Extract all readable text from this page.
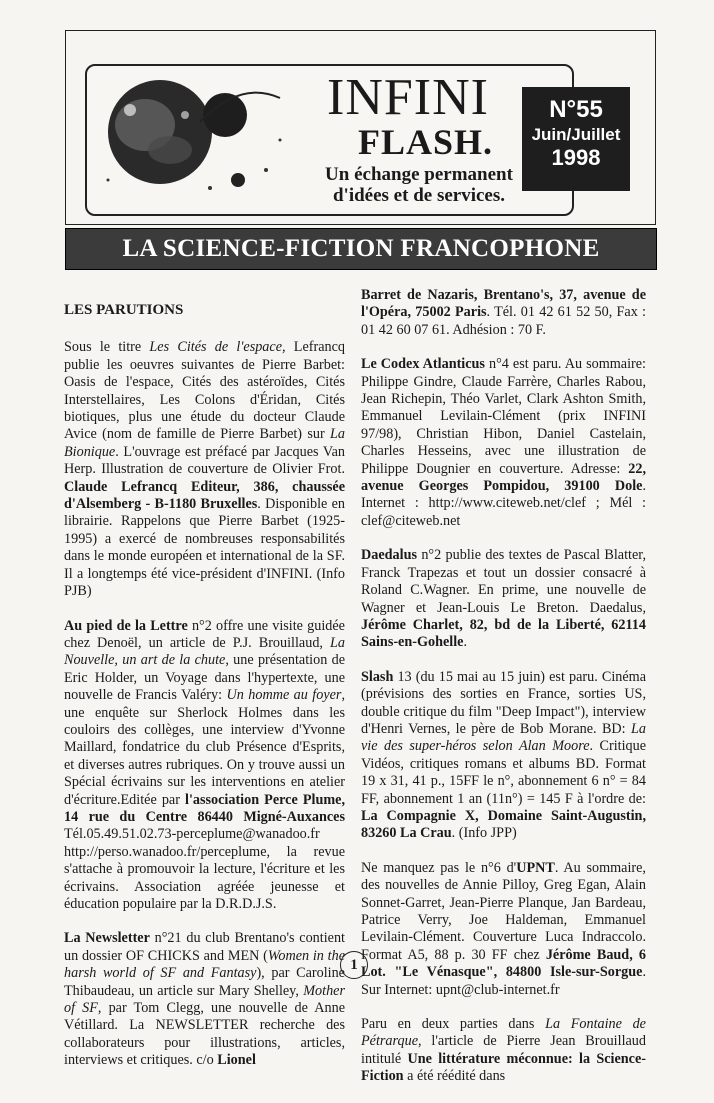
INFINI
FLASH.
Un échange permanent
d'idées et de services.
N°55
Juin/Juillet
1998
LA SCIENCE-FICTION FRANCOPHONE
LES PARUTIONS

Sous le titre Les Cités de l'espace, Lefrancq publie les oeuvres suivantes de Pierre Barbet: Oasis de l'espace, Cités des astéroïdes, Cités Interstellaires, Les Colons d'Éridan, Cités biotiques, plus une étude du docteur Claude Avice (nom de famille de Pierre Barbet) sur La Bionique. L'ouvrage est préfacé par Jacques Van Herp. Illustration de couverture de Olivier Frot. Claude Lefrancq Editeur, 386, chaussée d'Alsemberg - B-1180 Bruxelles. Disponible en librairie. Rappelons que Pierre Barbet (1925-1995) a exercé de nombreuses responsabilités dans le monde européen et international de la SF. Il a longtemps été vice-président d'INFINI. (Info PJB)

Au pied de la Lettre n°2 offre une visite guidée chez Denoël, un article de P.J. Brouillaud, La Nouvelle, un art de la chute, une présentation de Eric Holder, un Voyage dans l'hypertexte, une nouvelle de Francis Valéry: Un homme au foyer, une enquête sur Sherlock Holmes dans les couloirs des collèges, une interview d'Yvonne Maillard, fondatrice du club Présence d'Esprits, et diverses autres rubriques. On y trouve aussi un Spécial écrivains sur les interventions en atelier d'écriture.Editée par l'association Perce Plume, 14 rue du Centre 86440 Migné-Auxances Tél.05.49.51.02.73-perceplume@wanadoo.fr http://perso.wanadoo.fr/perceplume, la revue s'attache à promouvoir la lecture, l'écriture et les écrivains. Association agréée jeunesse et éducation populaire par la D.R.D.J.S.

La Newsletter n°21 du club Brentano's contient un dossier OF CHICKS and MEN (Women in the harsh world of SF and Fantasy), par Caroline Thibaudeau, un article sur Mary Shelley, Mother of SF, par Tom Clegg, une nouvelle de Anne Vétillard. La NEWSLETTER recherche des collaborateurs pour illustrations, articles, interviews et critiques. c/o Lionel

Barret de Nazaris, Brentano's, 37, avenue de l'Opéra, 75002 Paris. Tél. 01 42 61 52 50, Fax : 01 42 60 07 61. Adhésion : 70 F.

Le Codex Atlanticus n°4 est paru. Au sommaire: Philippe Gindre, Claude Farrère, Charles Rabou, Jean Richepin, Théo Varlet, Clark Ashton Smith, Emmanuel Levilain-Clément (prix INFINI 97/98), Christian Hibon, Daniel Castelain, Charles Hesseins, avec une illustration de Philippe Dougnier en couverture. Adresse: 22, avenue Georges Pompidou, 39100 Dole. Internet : http://www.citeweb.net/clef ; Mél : clef@citeweb.net

Daedalus n°2 publie des textes de Pascal Blatter, Franck Trapezas et tout un dossier consacré à Roland C.Wagner. En prime, une nouvelle de Wagner et Jean-Louis Le Breton. Daedalus, Jérôme Charlet, 82, bd de la Liberté, 62114 Sains-en-Gohelle.

Slash 13 (du 15 mai au 15 juin) est paru. Cinéma (prévisions des sorties en France, sorties US, double critique du film "Deep Impact"), interview d'Henri Vernes, le père de Bob Morane. BD: La vie des super-héros selon Alan Moore. Critique Vidéos, critiques romans et albums BD. Format 19 x 31, 41 p., 15FF le n°, abonnement 6 n° = 84 FF, abonnement 1 an (11n°) = 145 F à l'ordre de: La Compagnie X, Domaine Saint-Augustin, 83260 La Crau. (Info JPP)

Ne manquez pas le n°6 d'UPNT. Au sommaire, des nouvelles de Annie Pilloy, Greg Egan, Alain Sonnet-Garret, Jean-Pierre Planque, Jan Bardeau, Patrice Verry, Joe Haldeman, Emmanuel Levilain-Clément. Couverture Luca Indraccolo. Format A5, 88 p. 30 FF chez Jérôme Baud, 6 Lot. "Le Vénasque", 84800 Isle-sur-Sorgue. Sur Internet: upnt@club-internet.fr

Paru en deux parties dans La Fontaine de Pétrarque, l'article de Pierre Jean Brouillaud intitulé Une littérature méconnue: la Science-Fiction a été réédité dans

1
